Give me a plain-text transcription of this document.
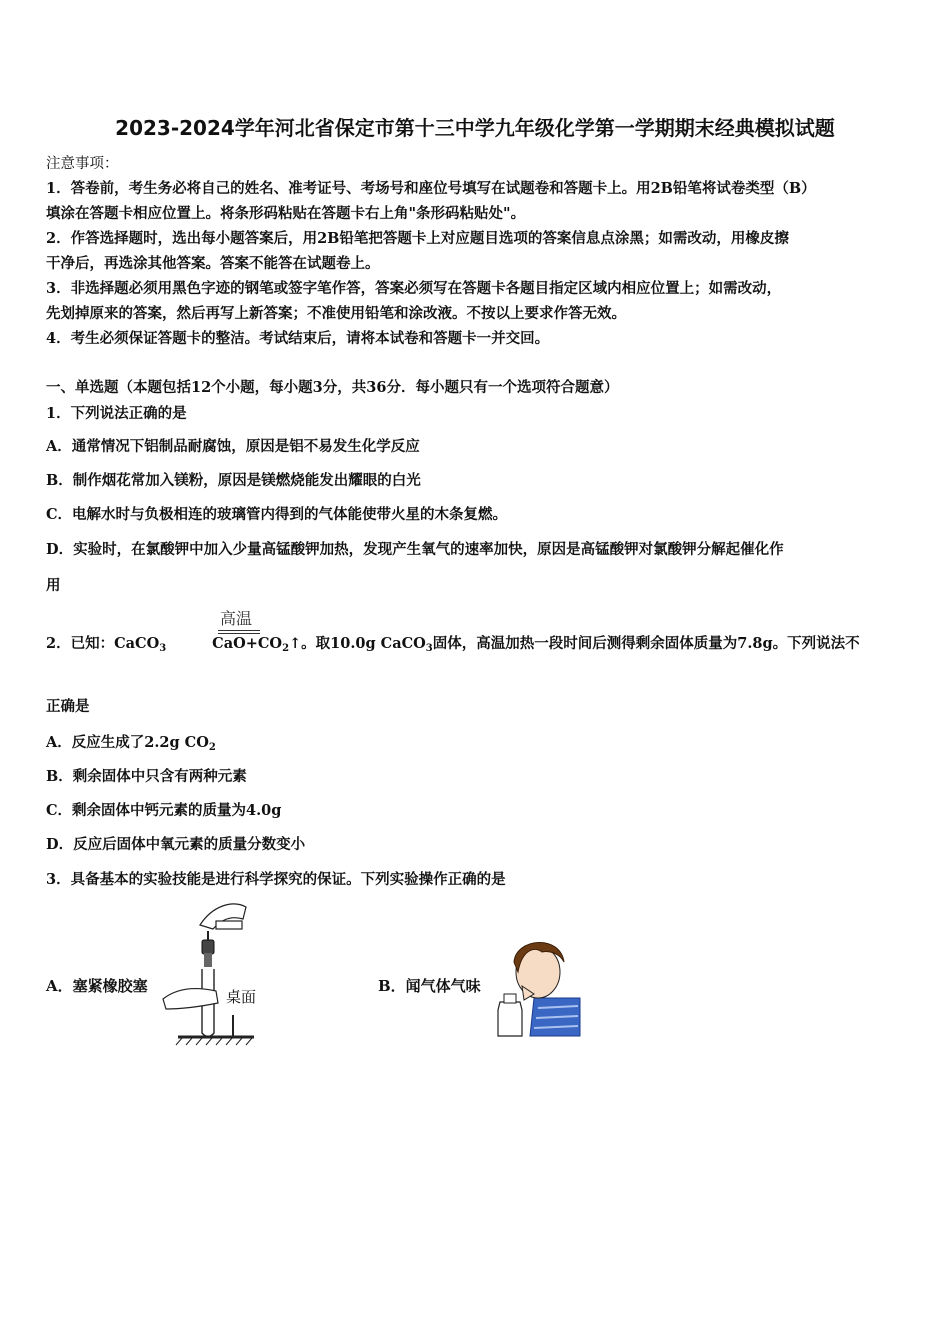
2023-2024学年河北省保定市第十三中学九年级化学第一学期期末经典模拟试题
注意事项：
1．答卷前，考生务必将自己的姓名、准考证号、考场号和座位号填写在试题卷和答题卡上。用2B铅笔将试卷类型（B）
填涂在答题卡相应位置上。将条形码粘贴在答题卡右上角"条形码粘贴处"。
2．作答选择题时，选出每小题答案后，用2B铅笔把答题卡上对应题目选项的答案信息点涂黑；如需改动，用橡皮擦
干净后，再选涂其他答案。答案不能答在试题卷上。
3．非选择题必须用黑色字迹的钢笔或签字笔作答，答案必须写在答题卡各题目指定区域内相应位置上；如需改动，
先划掉原来的答案，然后再写上新答案；不准使用铅笔和涂改液。不按以上要求作答无效。
4．考生必须保证答题卡的整洁。考试结束后，请将本试卷和答题卡一并交回。
一、单选题（本题包括12个小题，每小题3分，共36分．每小题只有一个选项符合题意）
1．下列说法正确的是
A．通常情况下铝制品耐腐蚀，原因是铝不易发生化学反应
B．制作烟花常加入镁粉，原因是镁燃烧能发出耀眼的白光
C．电解水时与负极相连的玻璃管内得到的气体能使带火星的木条复燃。
D．实验时，在氯酸钾中加入少量高锰酸钾加热，发现产生氧气的速率加快，原因是高锰酸钾对氯酸钾分解起催化作
用
高温
2．已知：CaCO$_3$	$CaO+CO_2↑$。取10.0g CaCO$_3$固体，高温加热一段时间后测得剩余固体质量为7.8g。下列说法不
正确是
A．反应生成了2.2g $CO_2$
B．剩余固体中只含有两种元素
C．剩余固体中钙元素的质量为4.0g
D．反应后固体中氧元素的质量分数变小
3．具备基本的实验技能是进行科学探究的保证。下列实验操作正确的是
A．塞紧橡胶塞
桌面
B．闻气体气味
